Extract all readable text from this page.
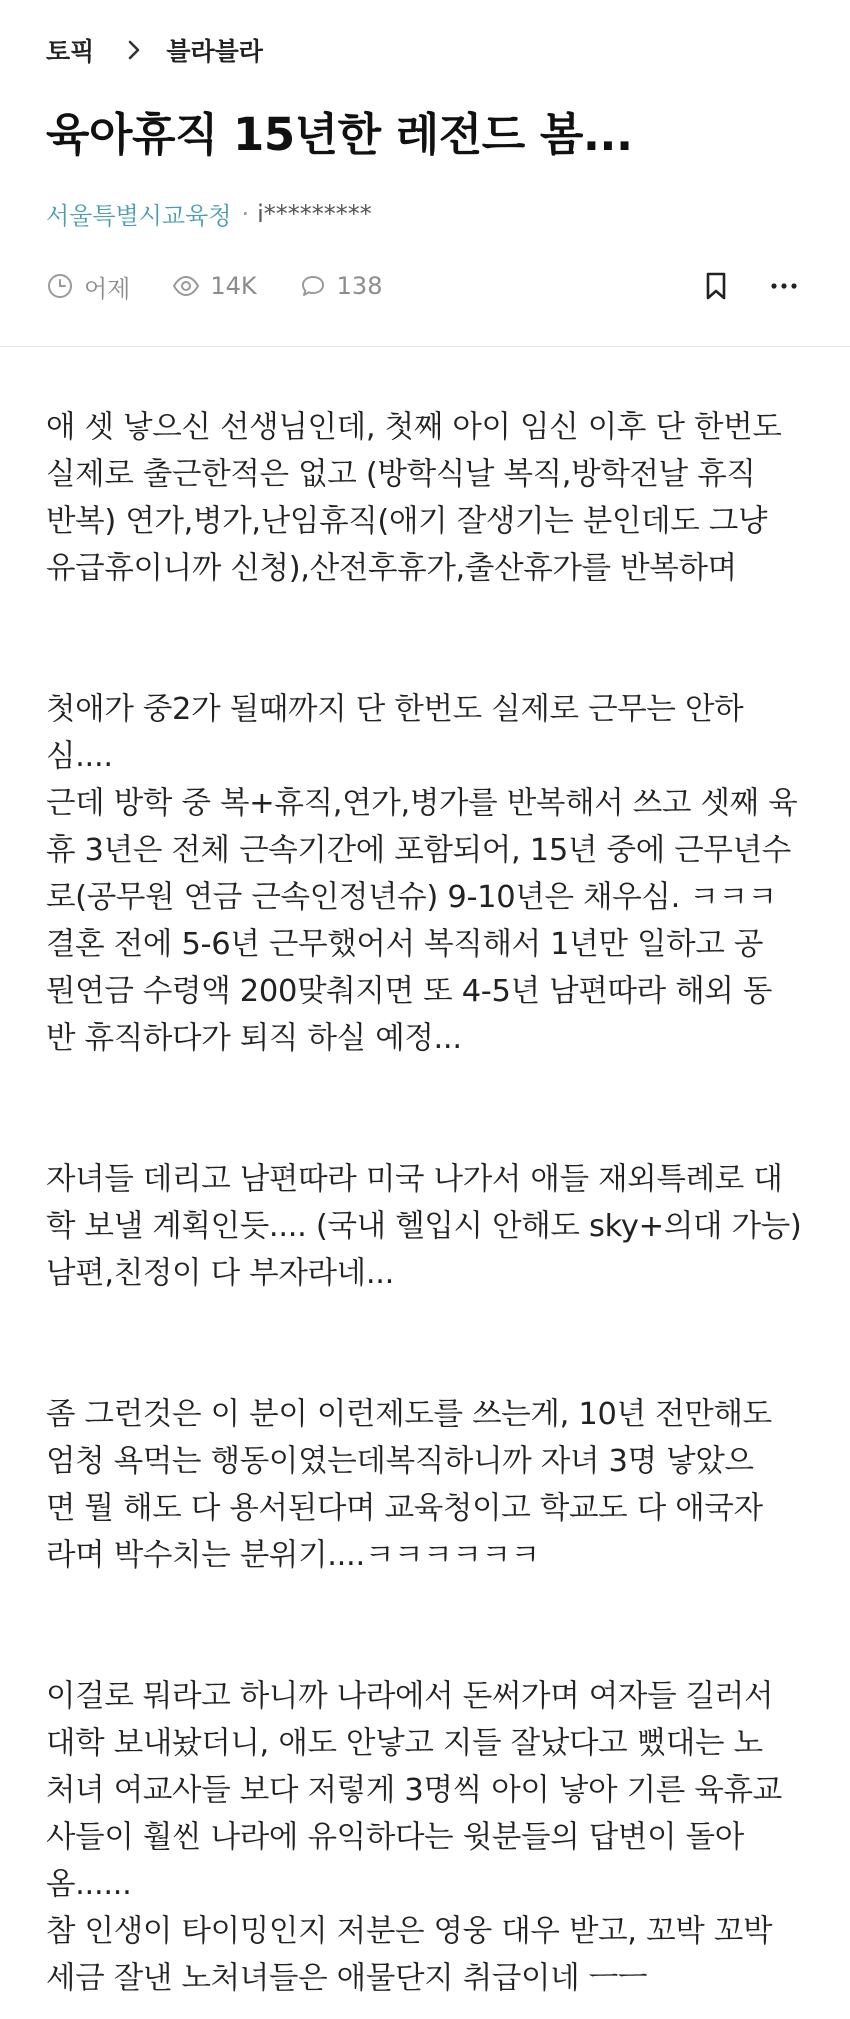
토픽	블라블라
육아휴직 15년한 레전드 봄...
서울특별시교육청 · i*********
어제	14K	138

애 셋 낳으신 선생님인데, 첫째 아이 임신 이후 단 한번도
실제로 출근한적은 없고 (방학식날 복직,방학전날 휴직
반복) 연가,병가,난임휴직(애기 잘생기는 분인데도 그냥
유급휴이니까 신청),산전후휴가,출산휴가를 반복하며

첫애가 중2가 될때까지 단 한번도 실제로 근무는 안하
심....
근데 방학 중 복+휴직,연가,병가를 반복해서 쓰고 셋째 육
휴 3년은 전체 근속기간에 포함되어, 15년 중에 근무년수
로(공무원 연금 근속인정년슈) 9-10년은 채우심. ㅋㅋㅋ
결혼 전에 5-6년 근무했어서 복직해서 1년만 일하고 공
뭔연금 수령액 200맞춰지면 또 4-5년 남편따라 해외 동
반 휴직하다가 퇴직 하실 예정...

자녀들 데리고 남편따라 미국 나가서 애들 재외특례로 대
학 보낼 계획인듯.... (국내 헬입시 안해도 sky+의대 가능)
남편,친정이 다 부자라네...

좀 그런것은 이 분이 이런제도를 쓰는게, 10년 전만해도
엄청 욕먹는 행동이였는데복직하니까 자녀 3명 낳았으
면 뭘 해도 다 용서된다며 교육청이고 학교도 다 애국자
라며 박수치는 분위기....ㅋㅋㅋㅋㅋㅋ

이걸로 뭐라고 하니까 나라에서 돈써가며 여자들 길러서
대학 보내놨더니, 애도 안낳고 지들 잘났다고 뻤대는 노
처녀 여교사들 보다 저렇게 3명씩 아이 낳아 기른 육휴교
사들이 훨씬 나라에 유익하다는 윗분들의 답변이 돌아
옴......
참 인생이 타이밍인지 저분은 영웅 대우 받고, 꼬박 꼬박
세금 잘낸 노처녀들은 애물단지 취급이네 ㅡㅡ
